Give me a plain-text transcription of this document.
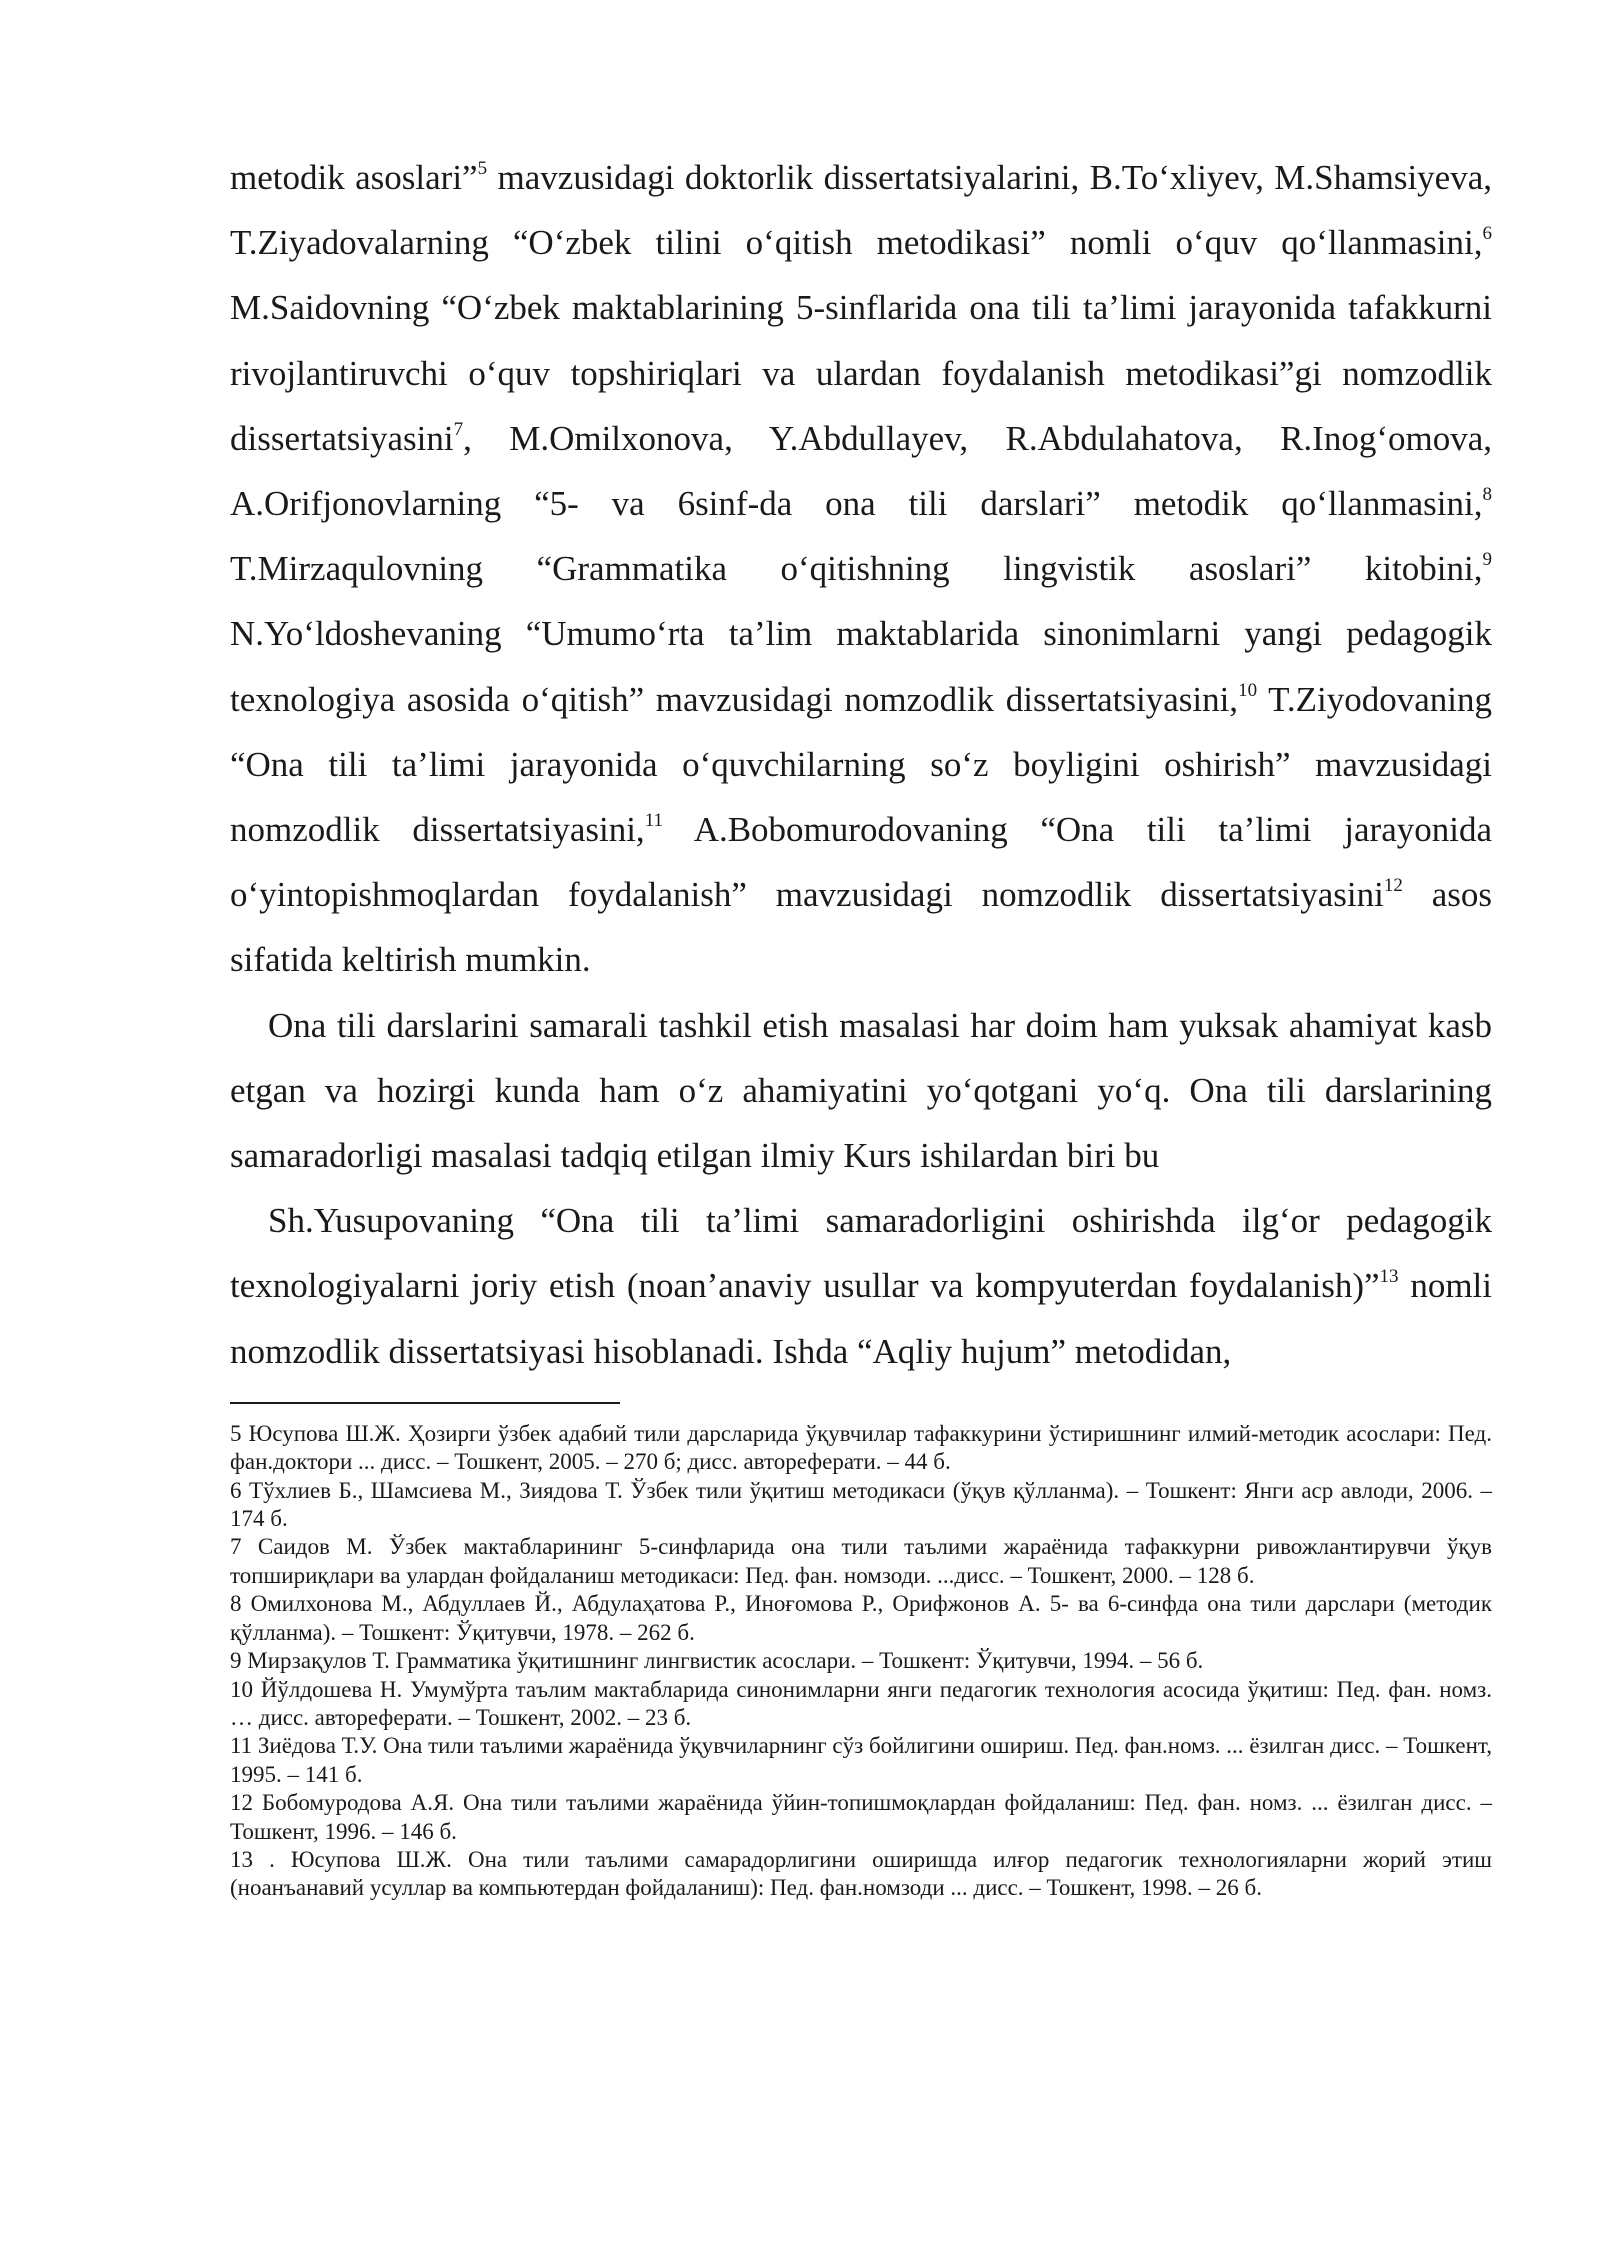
metodik asoslari”$^5$ mavzusidagi doktorlik dissertatsiyalarini, B.To‘xliyev, M.Shamsiyeva, T.Ziyadovalarning “O‘zbek tilini o‘qitish metodikasi” nomli o‘quv qo‘llanmasini,$^6$ M.Saidovning “O‘zbek maktablarining 5-sinflarida ona tili ta’limi jarayonida tafakkurni rivojlantiruvchi o‘quv topshiriqlari va ulardan foydalanish metodikasi”gi nomzodlik dissertatsiyasini$^7$, M.Omilxonova, Y.Abdullayev, R.Abdulahatova, R.Inog‘omova, A.Orifjonovlarning “5- va 6sinf-da ona tili darslari” metodik qo‘llanmasini,$^8$ T.Mirzaqulovning “Grammatika o‘qitishning lingvistik asoslari” kitobini,$^9$ N.Yo‘ldoshevaning “Umumo‘rta ta’lim maktablarida sinonimlarni yangi pedagogik texnologiya asosida o‘qitish” mavzusidagi nomzodlik dissertatsiyasini,$^{10}$ T.Ziyodovaning “Ona tili ta’limi jarayonida o‘quvchilarning so‘z boyligini oshirish” mavzusidagi nomzodlik dissertatsiyasini,$^{11}$ A.Bobomurodovaning “Ona tili ta’limi jarayonida o‘yintopishmoqlardan foydalanish” mavzusidagi nomzodlik dissertatsiyasini$^{12}$ asos sifatida keltirish mumkin.

Ona tili darslarini samarali tashkil etish masalasi har doim ham yuksak ahamiyat kasb etgan va hozirgi kunda ham o‘z ahamiyatini yo‘qotgani yo‘q. Ona tili darslarining samaradorligi masalasi tadqiq etilgan ilmiy Kurs ishilardan biri bu

Sh.Yusupovaning “Ona tili ta’limi samaradorligini oshirishda ilg‘or pedagogik texnologiyalarni joriy etish (noan’anaviy usullar va kompyuterdan foydalanish)”$^{13}$ nomli nomzodlik dissertatsiyasi hisoblanadi. Ishda “Aqliy hujum” metodidan,

5 Юсупова Ш.Ж. Ҳозирги ўзбек адабий тили дарсларида ўқувчилар тафаккурини ўстиришнинг илмий-методик асослари: Пед. фан.доктори ... дисс. – Тошкент, 2005. – 270 б; дисс. автореферати. – 44 б.

6 Тўхлиев Б., Шамсиева М., Зиядова Т. Ўзбек тили ўқитиш методикаси (ўқув қўлланма). – Тошкент: Янги аср авлоди, 2006. – 174 б.

7 Саидов М. Ўзбек мактабларининг 5-синфларида она тили таълими жараёнида тафаккурни ривожлантирувчи ўқув топшириқлари ва улардан фойдаланиш методикаси: Пед. фан. номзоди. ...дисс. – Тошкент, 2000. – 128 б.

8 Омилхонова М., Абдуллаев Й., Абдулаҳатова Р., Иноғомова Р., Орифжонов А. 5- ва 6-синфда она тили дарслари (методик қўлланма). – Тошкент: Ўқитувчи, 1978. – 262 б.

9 Мирзақулов Т. Грамматика ўқитишнинг лингвистик асослари. – Тошкент: Ўқитувчи, 1994. – 56 б.

10 Йўлдошева Н. Умумўрта таълим мактабларида синонимларни янги педагогик технология асосида ўқитиш: Пед. фан. номз. … дисс. автореферати. – Тошкент, 2002. – 23 б.

11 Зиёдова Т.У. Она тили таълими жараёнида ўқувчиларнинг сўз бойлигини ошириш. Пед. фан.номз. ... ёзилган дисс. – Тошкент, 1995. – 141 б.

12 Бобомуродова А.Я. Она тили таълими жараёнида ўйин-топишмоқлардан фойдаланиш: Пед. фан. номз. ... ёзилган дисс. – Тошкент, 1996. – 146 б.

13 . Юсупова Ш.Ж. Она тили таълими самарадорлигини оширишда илғор педагогик технологияларни жорий этиш (ноанъанавий усуллар ва компьютердан фойдаланиш): Пед. фан.номзоди ... дисс. – Тошкент, 1998. – 26 б.
